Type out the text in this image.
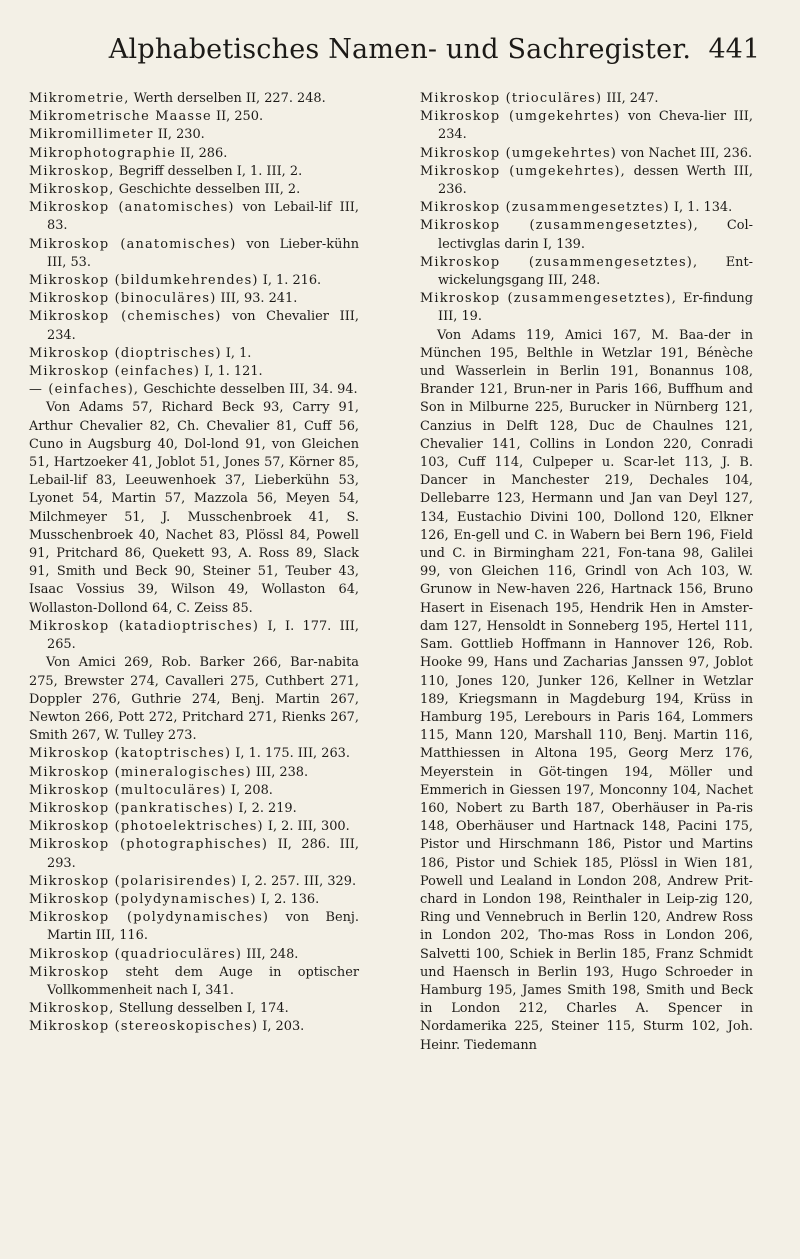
Alphabetisches Namen- und Sachregister. 441

Mikrometrie, Werth derselben II, 227. 248.

Mikrometrische Maasse II, 250.

Mikromillimeter II, 230.

Mikrophotographie II, 286.

Mikroskop, Begriff desselben I, 1. III, 2.

Mikroskop, Geschichte desselben III, 2.

Mikroskop (anatomisches) von Lebail-lif III, 83.

Mikroskop (anatomisches) von Lieber-kühn III, 53.

Mikroskop (bildumkehrendes) I, 1. 216.

Mikroskop (binoculäres) III, 93. 241.

Mikroskop (chemisches) von Chevalier III, 234.

Mikroskop (dioptrisches) I, 1.

Mikroskop (einfaches) I, 1. 121.

— (einfaches), Geschichte desselben III, 34. 94.

Von Adams 57, Richard Beck 93, Carry 91, Arthur Chevalier 82, Ch. Chevalier 81, Cuff 56, Cuno in Augsburg 40, Dol-lond 91, von Gleichen 51, Hartzoeker 41, Joblot 51, Jones 57, Körner 85, Lebail-lif 83, Leeuwenhoek 37, Lieberkühn 53, Lyonet 54, Martin 57, Mazzola 56, Meyen 54, Milchmeyer 51, J. Musschenbroek 41, S. Musschenbroek 40, Nachet 83, Plössl 84, Powell 91, Pritchard 86, Quekett 93, A. Ross 89, Slack 91, Smith und Beck 90, Steiner 51, Teuber 43, Isaac Vossius 39, Wilson 49, Wollaston 64, Wollaston-Dollond 64, C. Zeiss 85.

Mikroskop (katadioptrisches) I, I. 177. III, 265.

Von Amici 269, Rob. Barker 266, Bar-nabita 275, Brewster 274, Cavalleri 275, Cuthbert 271, Doppler 276, Guthrie 274, Benj. Martin 267, Newton 266, Pott 272, Pritchard 271, Rienks 267, Smith 267, W. Tulley 273.

Mikroskop (katoptrisches) I, 1. 175. III, 263.

Mikroskop (mineralogisches) III, 238.

Mikroskop (multoculäres) I, 208.

Mikroskop (pankratisches) I, 2. 219.

Mikroskop (photoelektrisches) I, 2. III, 300.

Mikroskop (photographisches) II, 286. III, 293.

Mikroskop (polarisirendes) I, 2. 257. III, 329.

Mikroskop (polydynamisches) I, 2. 136.

Mikroskop (polydynamisches) von Benj. Martin III, 116.

Mikroskop (quadrioculäres) III, 248.

Mikroskop steht dem Auge in optischer Vollkommenheit nach I, 341.

Mikroskop, Stellung desselben I, 174.

Mikroskop (stereoskopisches) I, 203.

Mikroskop (trioculäres) III, 247.

Mikroskop (umgekehrtes) von Cheva-lier III, 234.

Mikroskop (umgekehrtes) von Nachet III, 236.

Mikroskop (umgekehrtes), dessen Werth III, 236.

Mikroskop (zusammengesetztes) I, 1. 134.

Mikroskop (zusammengesetztes), Col-lectivglas darin I, 139.

Mikroskop (zusammengesetztes), Ent-wickelungsgang III, 248.

Mikroskop (zusammengesetztes), Er-findung III, 19.

Von Adams 119, Amici 167, M. Baa-der in München 195, Belthle in Wetzlar 191, Bénèche und Wasserlein in Berlin 191, Bonannus 108, Brander 121, Brun-ner in Paris 166, Buffhum and Son in Milburne 225, Burucker in Nürnberg 121, Canzius in Delft 128, Duc de Chaulnes 121, Chevalier 141, Collins in London 220, Conradi 103, Cuff 114, Culpeper u. Scar-let 113, J. B. Dancer in Manchester 219, Dechales 104, Dellebarre 123, Hermann und Jan van Deyl 127, 134, Eustachio Divini 100, Dollond 120, Elkner 126, En-gell und C. in Wabern bei Bern 196, Field und C. in Birmingham 221, Fon-tana 98, Galilei 99, von Gleichen 116, Grindl von Ach 103, W. Grunow in New-haven 226, Hartnack 156, Bruno Hasert in Eisenach 195, Hendrik Hen in Amster-dam 127, Hensoldt in Sonneberg 195, Hertel 111, Sam. Gottlieb Hoffmann in Hannover 126, Rob. Hooke 99, Hans und Zacharias Janssen 97, Joblot 110, Jones 120, Junker 126, Kellner in Wetzlar 189, Kriegsmann in Magdeburg 194, Krüss in Hamburg 195, Lerebours in Paris 164, Lommers 115, Mann 120, Marshall 110, Benj. Martin 116, Matthiessen in Altona 195, Georg Merz 176, Meyerstein in Göt-tingen 194, Möller und Emmerich in Giessen 197, Monconny 104, Nachet 160, Nobert zu Barth 187, Oberhäuser in Pa-ris 148, Oberhäuser und Hartnack 148, Pacini 175, Pistor und Hirschmann 186, Pistor und Martins 186, Pistor und Schiek 185, Plössl in Wien 181, Powell und Lealand in London 208, Andrew Prit-chard in London 198, Reinthaler in Leip-zig 120, Ring und Vennebruch in Berlin 120, Andrew Ross in London 202, Tho-mas Ross in London 206, Salvetti 100, Schiek in Berlin 185, Franz Schmidt und Haensch in Berlin 193, Hugo Schroeder in Hamburg 195, James Smith 198, Smith und Beck in London 212, Charles A. Spencer in Nordamerika 225, Steiner 115, Sturm 102, Joh. Heinr. Tiedemann
